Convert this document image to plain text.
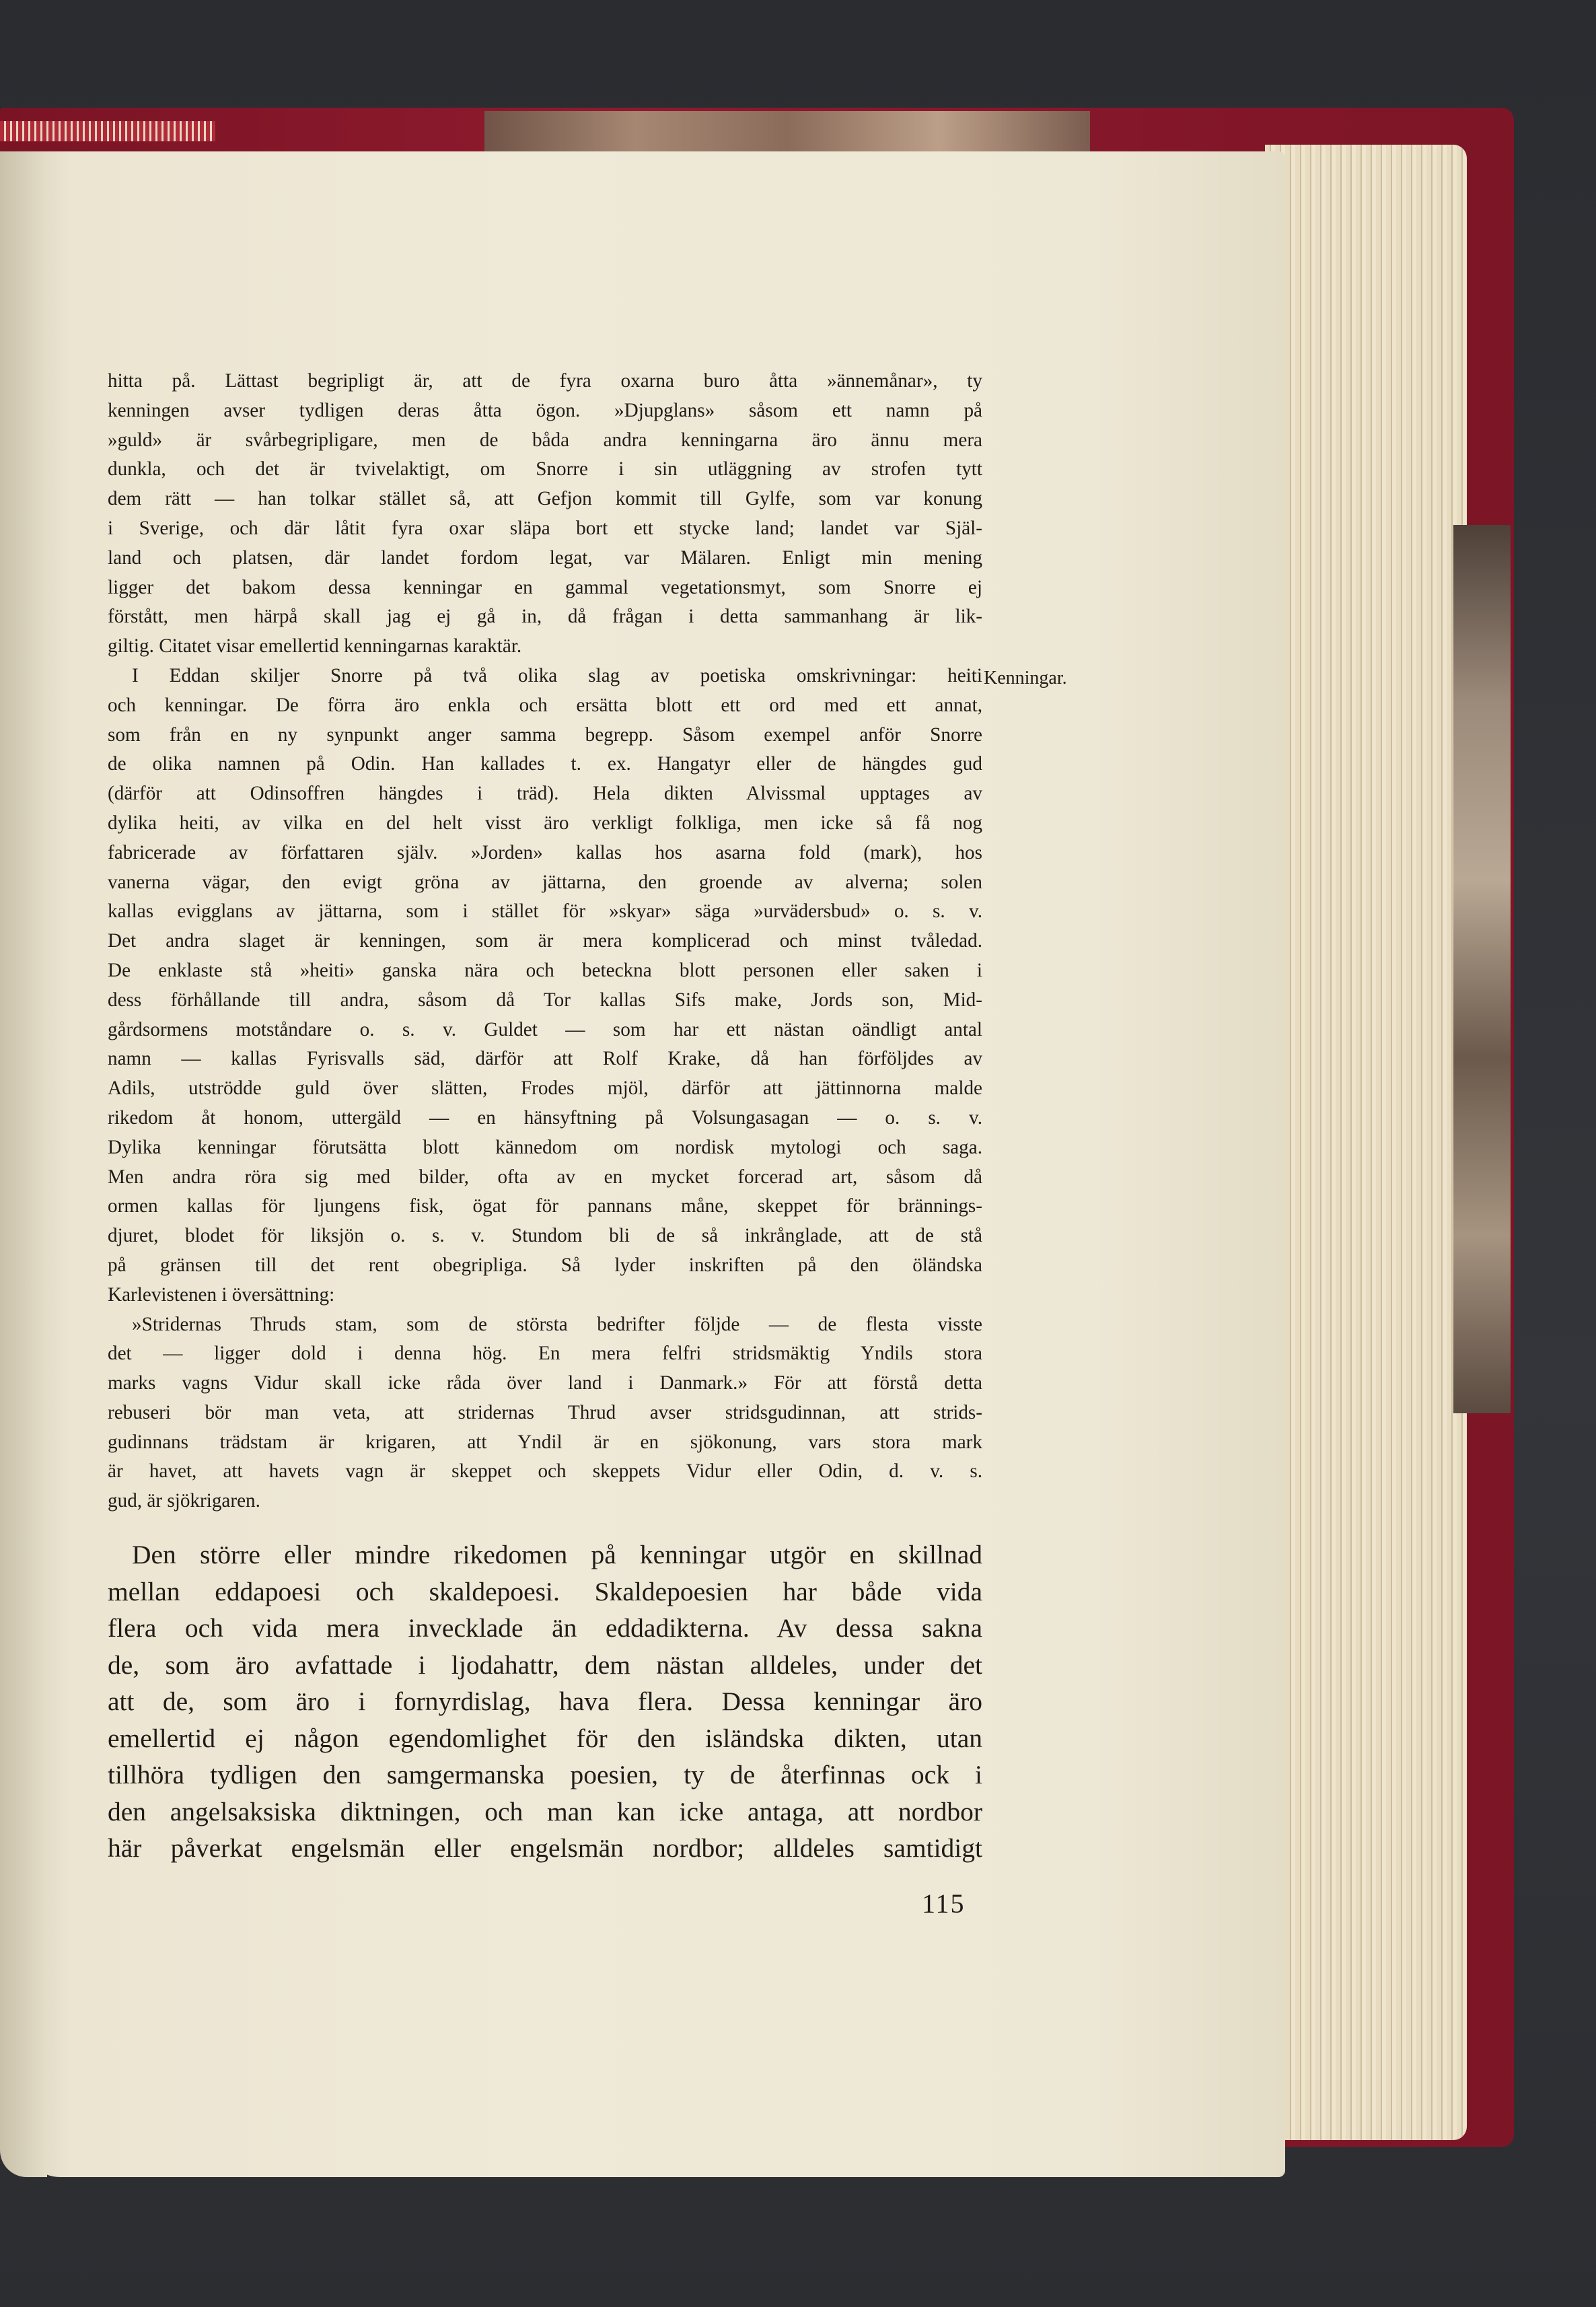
hitta på. Lättast begripligt är, att de fyra oxarna buro åtta »ännemånar», ty

kenningen avser tydligen deras åtta ögon. »Djupglans» såsom ett namn på

»guld» är svårbegripligare, men de båda andra kenningarna äro ännu mera

dunkla, och det är tvivelaktigt, om Snorre i sin utläggning av strofen tytt

dem rätt — han tolkar stället så, att Gefjon kommit till Gylfe, som var konung

i Sverige, och där låtit fyra oxar släpa bort ett stycke land; landet var Själ-

land och platsen, där landet fordom legat, var Mälaren. Enligt min mening

ligger det bakom dessa kenningar en gammal vegetationsmyt, som Snorre ej

förstått, men härpå skall jag ej gå in, då frågan i detta sammanhang är lik-

giltig. Citatet visar emellertid kenningarnas karaktär.

I Eddan skiljer Snorre på två olika slag av poetiska omskrivningar: heiti

och kenningar. De förra äro enkla och ersätta blott ett ord med ett annat,

som från en ny synpunkt anger samma begrepp. Såsom exempel anför Snorre

de olika namnen på Odin. Han kallades t. ex. Hangatyr eller de hängdes gud

(därför att Odinsoffren hängdes i träd). Hela dikten Alvissmal upptages av

dylika heiti, av vilka en del helt visst äro verkligt folkliga, men icke så få nog

fabricerade av författaren själv. »Jorden» kallas hos asarna fold (mark), hos

vanerna vägar, den evigt gröna av jättarna, den groende av alverna; solen

kallas evigglans av jättarna, som i stället för »skyar» säga »urvädersbud» o. s. v.

Det andra slaget är kenningen, som är mera komplicerad och minst tvåledad.

De enklaste stå »heiti» ganska nära och beteckna blott personen eller saken i

dess förhållande till andra, såsom då Tor kallas Sifs make, Jords son, Mid-

gårdsormens motståndare o. s. v. Guldet — som har ett nästan oändligt antal

namn — kallas Fyrisvalls säd, därför att Rolf Krake, då han förföljdes av

Adils, utströdde guld över slätten, Frodes mjöl, därför att jättinnorna malde

rikedom åt honom, uttergäld — en hänsyftning på Volsungasagan — o. s. v.

Dylika kenningar förutsätta blott kännedom om nordisk mytologi och saga.

Men andra röra sig med bilder, ofta av en mycket forcerad art, såsom då

ormen kallas för ljungens fisk, ögat för pannans måne, skeppet för brännings-

djuret, blodet för liksjön o. s. v. Stundom bli de så inkrånglade, att de stå

på gränsen till det rent obegripliga. Så lyder inskriften på den öländska

Karlevistenen i översättning:

»Stridernas Thruds stam, som de största bedrifter följde — de flesta visste

det — ligger dold i denna hög. En mera felfri stridsmäktig Yndils stora

marks vagns Vidur skall icke råda över land i Danmark.» För att förstå detta

rebuseri bör man veta, att stridernas Thrud avser stridsgudinnan, att strids-

gudinnans trädstam är krigaren, att Yndil är en sjökonung, vars stora mark

är havet, att havets vagn är skeppet och skeppets Vidur eller Odin, d. v. s.

gud, är sjökrigaren.

Kenningar.

Den större eller mindre rikedomen på kenningar utgör en skillnad

mellan eddapoesi och skaldepoesi. Skaldepoesien har både vida

flera och vida mera invecklade än eddadikterna. Av dessa sakna

de, som äro avfattade i ljodahattr, dem nästan alldeles, under det

att de, som äro i fornyrdislag, hava flera. Dessa kenningar äro

emellertid ej någon egendomlighet för den isländska dikten, utan

tillhöra tydligen den samgermanska poesien, ty de återfinnas ock i

den angelsaksiska diktningen, och man kan icke antaga, att nordbor

här påverkat engelsmän eller engelsmän nordbor; alldeles samtidigt

115
